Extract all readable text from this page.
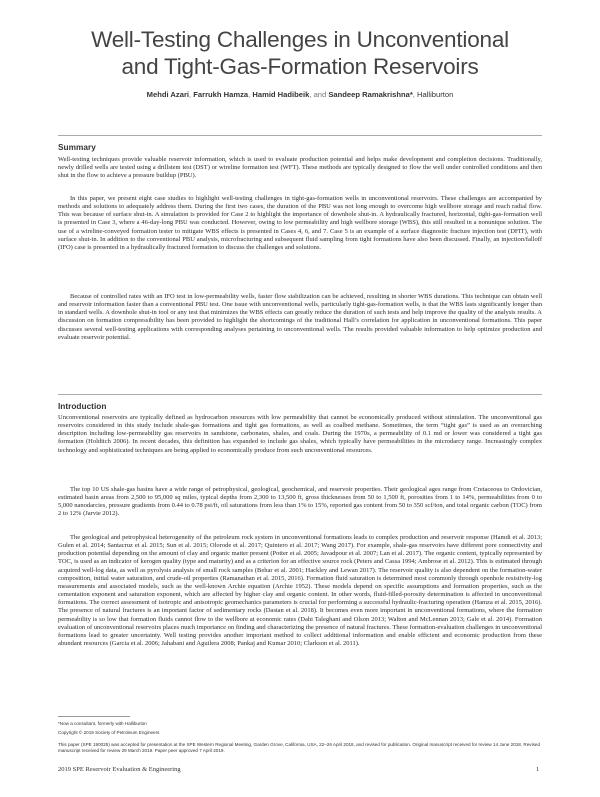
Well-Testing Challenges in Unconventional
and Tight-Gas-Formation Reservoirs
Mehdi Azari, Farrukh Hamza, Hamid Hadibeik, and Sandeep Ramakrishna*, Halliburton
Summary

Well-testing techniques provide valuable reservoir information, which is used to evaluate production potential and helps make development and completion decisions. Traditionally, newly drilled wells are tested using a drillstem test (DST) or wireline formation test (WFT). These methods are typically designed to flow the well under controlled conditions and then shut in the flow to achieve a pressure buildup (PBU).

In this paper, we present eight case studies to highlight well-testing challenges in tight-gas-formation wells in unconventional reservoirs. These challenges are accompanied by methods and solutions to adequately address them. During the first two cases, the duration of the PBU was not long enough to overcome high wellbore storage and reach radial flow. This was because of surface shut-in. A simulation is provided for Case 2 to highlight the importance of downhole shut-in. A hydraulically fractured, horizontal, tight-gas-formation well is presented in Case 3, where a 46-day-long PBU was conducted. However, owing to low permeability and high wellbore storage (WBS), this still resulted in a nonunique solution. The use of a wireline-conveyed formation tester to mitigate WBS effects is presented in Cases 4, 6, and 7. Case 5 is an example of a surface diagnostic fracture injection test (DFIT), with surface shut-in. In addition to the conventional PBU analysis, microfracturing and subsequent fluid sampling from tight formations have also been discussed. Finally, an injection/falloff (IFO) case is presented in a hydraulically fractured formation to discuss the challenges and solutions.

Because of controlled rates with an IFO test in low-permeability wells, faster flow stabilization can be achieved, resulting in shorter WBS durations. This technique can obtain well and reservoir information faster than a conventional PBU test. One issue with unconventional wells, particularly tight-gas-formation wells, is that the WBS lasts significantly longer than in standard wells. A downhole shut-in tool or any test that minimizes the WBS effects can greatly reduce the duration of such tests and help improve the quality of the analysis results. A discussion on formation compressibility has been provided to highlight the shortcomings of the traditional Hall’s correlation for application in unconventional formations. This paper discusses several well-testing applications with corresponding analyses pertaining to unconventional wells. The results provided valuable information to help optimize production and evaluate reservoir potential.

Introduction

Unconventional reservoirs are typically defined as hydrocarbon resources with low permeability that cannot be economically produced without stimulation. The unconventional gas reservoirs considered in this study include shale-gas formations and tight gas formations, as well as coalbed methane. Sometimes, the term “tight gas” is used as an overarching description including low-permeability gas reservoirs in sandstone, carbonates, shales, and coals. During the 1970s, a permeability of 0.1 md or lower was considered a tight gas formation (Holditch 2006). In recent decades, this definition has expanded to include gas shales, which typically have permeabilities in the microdarcy range. Increasingly complex technology and sophisticated techniques are being applied to economically produce from such unconventional resources.

The top 10 US shale-gas basins have a wide range of petrophysical, geological, geochemical, and reservoir properties. Their geological ages range from Cretaceous to Ordovician, estimated basin areas from 2,500 to 95,000 sq miles, typical depths from 2,300 to 13,500 ft, gross thicknesses from 50 to 1,500 ft, porosities from 1 to 14%, permeabilities from 0 to 5,000 nanodarcies, pressure gradients from 0.44 to 0.78 psi/ft, oil saturations from less than 1% to 15%, reported gas content from 50 to 350 scf/ton, and total organic carbon (TOC) from 2 to 12% (Jarvie 2012).

The geological and petrophysical heterogeneity of the petroleum rock system in unconventional formations leads to complex production and reservoir response (Hamdi et al. 2013; Gulen et al. 2014; Santacruz et al. 2015; Sun et al. 2015; Olorode et al. 2017; Quintero et al. 2017; Wang 2017). For example, shale-gas reservoirs have different pore connectivity and production potential depending on the amount of clay and organic matter present (Potter et al. 2005; Javadpour et al. 2007; Lan et al. 2017). The organic content, typically represented by TOC, is used as an indicator of kerogen quality (type and maturity) and as a criterion for an effective source rock (Peters and Cassa 1994; Ambrose et al. 2012). This is estimated through acquired well-log data, as well as pyrolysis analysis of small rock samples (Behar et al. 2001; Hackley and Lewan 2017). The reservoir quality is also dependent on the formation-water composition, initial water saturation, and crude-oil properties (Ramanathan et al. 2015, 2016). Formation fluid saturation is determined most commonly through openhole resistivity-log measurements and associated models, such as the well-known Archie equation (Archie 1952). These models depend on specific assumptions and formation properties, such as the cementation exponent and saturation exponent, which are affected by higher clay and organic content. In other words, fluid-filled-porosity determination is affected in unconventional formations. The correct assessment of isotropic and anisotropic geomechanics parameters is crucial for performing a successful hydraulic-fracturing operation (Hamza et al. 2015, 2016). The presence of natural fractures is an important factor of sedimentary rocks (Dastan et al. 2018). It becomes even more important in unconventional formations, where the formation permeability is so low that formation fluids cannot flow to the wellbore at economic rates (Dahi Taleghani and Olson 2013; Walton and McLennan 2013; Gale et al. 2014). Formation evaluation of unconventional reservoirs places much importance on finding and characterizing the presence of natural fractures. These formation-evaluation challenges in unconventional formations lead to greater uncertainty. Well testing provides another important method to collect additional information and enable efficient and economic production from these abundant resources (Garcia et al. 2006; Jahabani and Aguilera 2008; Pankaj and Kumar 2010; Clarkson et al. 2011).

*Now a consultant, formerly with Halliburton

Copyright © 2019 Society of Petroleum Engineers

This paper (SPE 190025) was accepted for presentation at the SPE Western Regional Meeting, Garden Grove, California, USA, 22–26 April 2018, and revised for publication. Original manuscript received for review 14 June 2018. Revised manuscript received for review 29 March 2019. Paper peer approved 7 April 2019.

2019 SPE Reservoir Evaluation & Engineering	1
